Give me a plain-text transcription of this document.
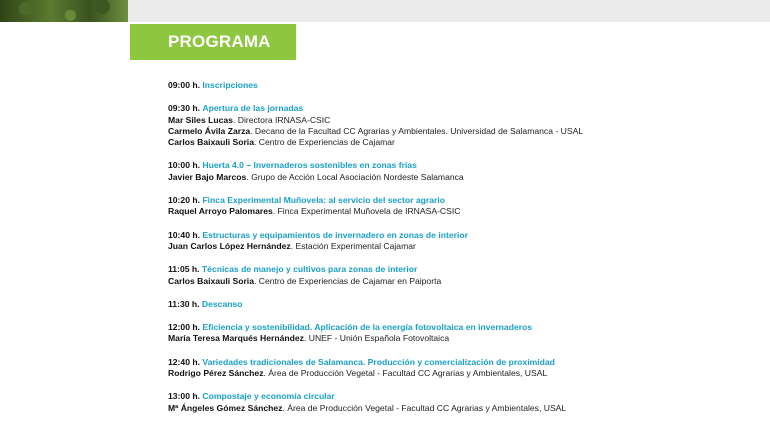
PROGRAMA
09:00 h. Inscripciones
09:30 h. Apertura de las jornadas
Mar Siles Lucas. Directora IRNASA-CSIC
Carmelo Ávila Zarza. Decano de la Facultad CC Agrarias y Ambientales. Universidad de Salamanca - USAL
Carlos Baixauli Soria. Centro de Experiencias de Cajamar
10:00 h. Huerta 4.0 – Invernaderos sostenibles en zonas frías
Javier Bajo Marcos. Grupo de Acción Local Asociación Nordeste Salamanca
10:20 h. Finca Experimental Muñovela: al servicio del sector agrario
Raquel Arroyo Palomares. Finca Experimental Muñovela de IRNASA-CSIC
10:40 h. Estructuras y equipamientos de invernadero en zonas de interior
Juan Carlos López Hernández. Estación Experimental Cajamar
11:05 h. Técnicas de manejo y cultivos para zonas de interior
Carlos Baixauli Soria. Centro de Experiencias de Cajamar en Paiporta
11:30 h. Descanso
12:00 h. Eficiencia y sostenibilidad. Aplicación de la energía fotovoltaica en invernaderos
María Teresa Marqués Hernández. UNEF - Unión Española Fotovoltaica
12:40 h. Variedades tradicionales de Salamanca. Producción y comercialización de proximidad
Rodrigo Pérez Sánchez. Área de Producción Vegetal - Facultad CC Agrarias y Ambientales, USAL
13:00 h. Compostaje y economía circular
Mª Ángeles Gómez Sánchez. Área de Producción Vegetal - Facultad CC Agrarias y Ambientales, USAL
